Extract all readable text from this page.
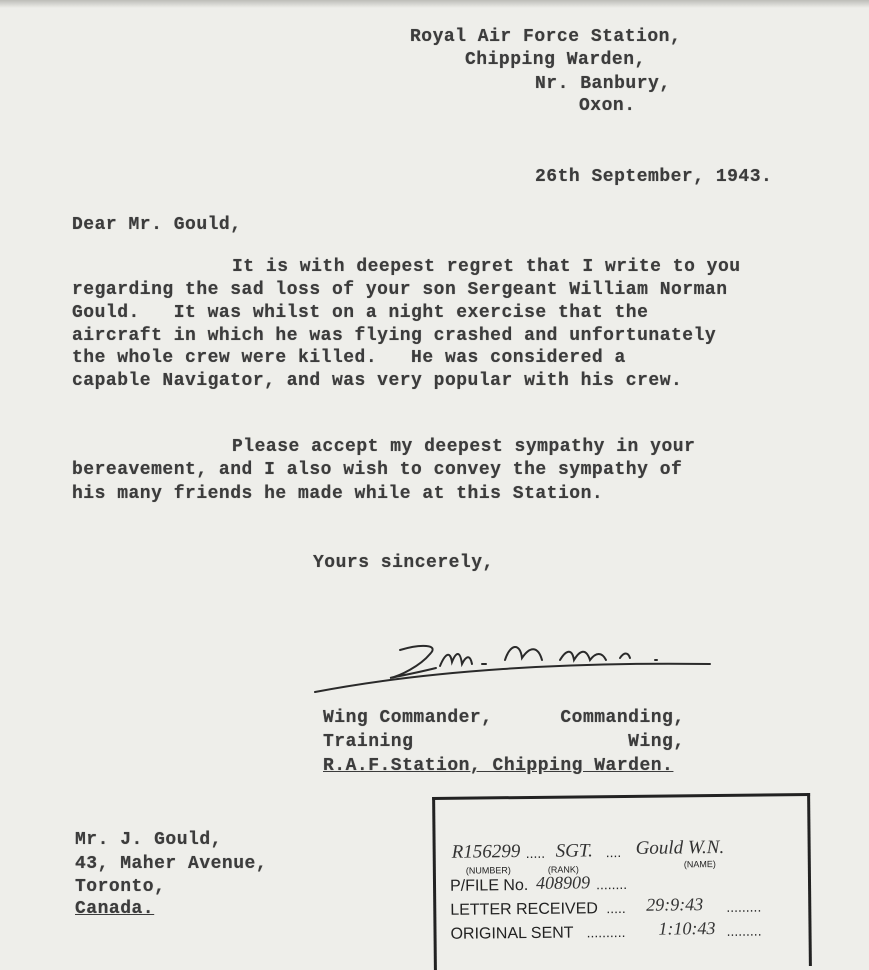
Royal Air Force Station,
Chipping Warden,
Nr. Banbury,
Oxon.
26th September, 1943.
Dear Mr. Gould,
It is with deepest regret that I write to you
regarding the sad loss of your son Sergeant William Norman
Gould.   It was whilst on a night exercise that the
aircraft in which he was flying crashed and unfortunately
the whole crew were killed.   He was considered a
capable Navigator, and was very popular with his crew.
Please accept my deepest sympathy in your
bereavement, and I also wish to convey the sympathy of
his many friends he made while at this Station.
Yours sincerely,
Wing Commander,      Commanding,
Training                   Wing,
R.A.F.Station, Chipping Warden.
Mr. J. Gould,
43, Maher Avenue,
Toronto,
Canada.
R156299 ..... SGT. .... Gould W.N.
(NUMBER)	(RANK)
(NAME)
P/FILE No. 408909 ........
LETTER RECEIVED ..... 29:9:43 .........
ORIGINAL SENT .......... 1:10:43 .........
